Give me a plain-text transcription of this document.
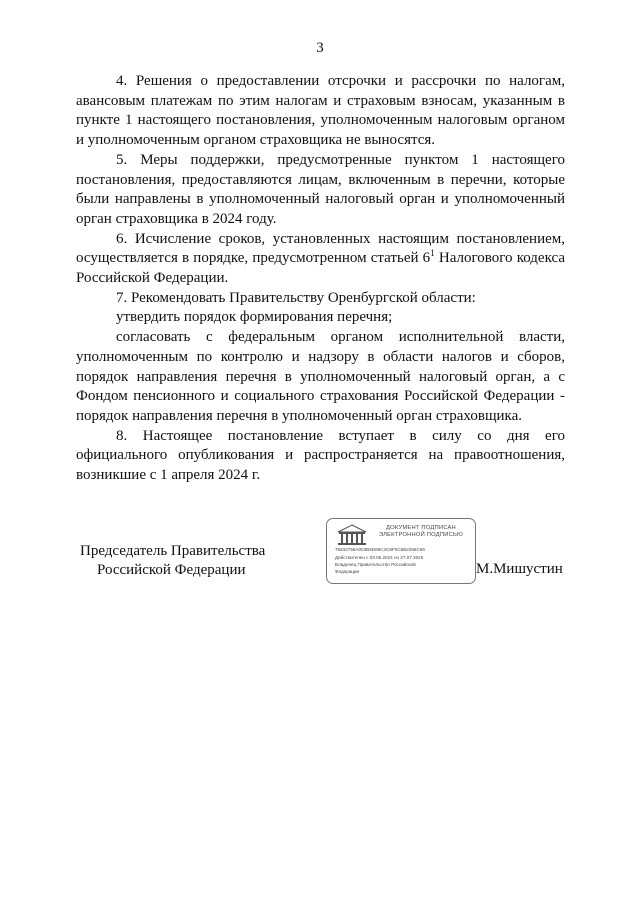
3

4. Решения о предоставлении отсрочки и рассрочки по налогам, авансовым платежам по этим налогам и страховым взносам, указанным в пункте 1 настоящего постановления, уполномоченным налоговым органом и уполномоченным органом страховщика не выносятся.

5. Меры поддержки, предусмотренные пунктом 1 настоящего постановления, предоставляются лицам, включенным в перечни, которые были направлены в уполномоченный налоговый орган и уполномоченный орган страховщика в 2024 году.

6. Исчисление сроков, установленных настоящим постановлением, осуществляется в порядке, предусмотренном статьей $6^1$ Налогового кодекса Российской Федерации.

7. Рекомендовать Правительству Оренбургской области:

утвердить порядок формирования перечня;

согласовать с федеральным органом исполнительной власти, уполномоченным по контролю и надзору в области налогов и сборов, порядок направления перечня в уполномоченный налоговый орган, а с Фондом пенсионного и социального страхования Российской Федерации - порядок направления перечня в уполномоченный орган страховщика.

8. Настоящее постановление вступает в силу со дня его официального опубликования и распространяется на правоотношения, возникшие с 1 апреля 2024 г.

Председатель Правительства
Российской Федерации
ДОКУМЕНТ ПОДПИСАН
ЭЛЕКТРОННОЙ ПОДПИСЬЮ
75832768A003B5D69C3C8F0C6B2256C66
Действителен с 03.06.2024 по 27.07.2025
Владелец Правительство Российской
Федерации	М.Мишустин
